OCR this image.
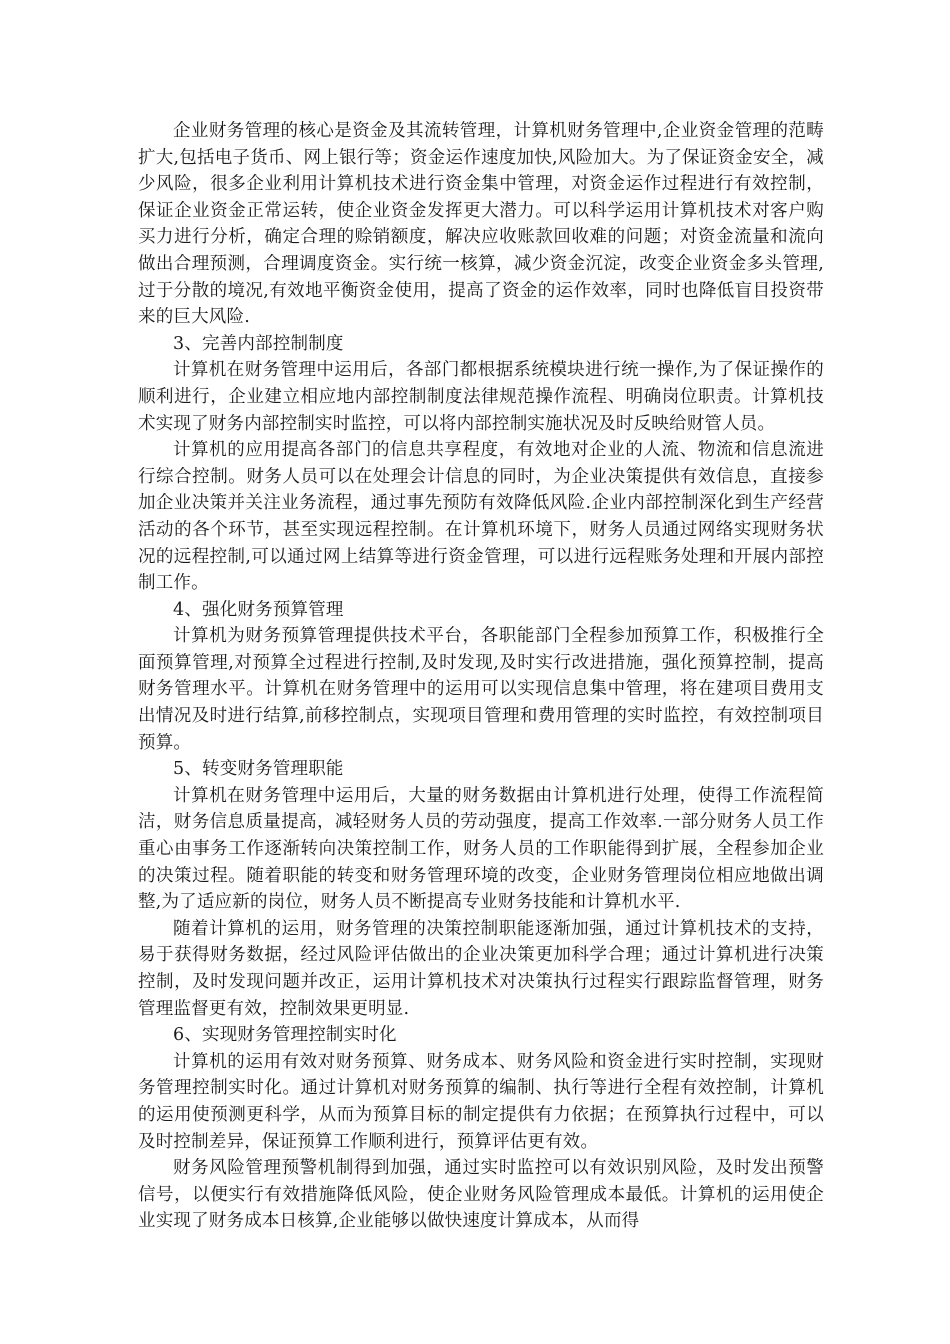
企业财务管理的核心是资金及其流转管理，计算机财务管理中,企业资金管理的范畴扩大,包括电子货币、网上银行等；资金运作速度加快,风险加大。为了保证资金安全，减少风险，很多企业利用计算机技术进行资金集中管理，对资金运作过程进行有效控制，保证企业资金正常运转，使企业资金发挥更大潜力。可以科学运用计算机技术对客户购买力进行分析，确定合理的赊销额度，解决应收账款回收难的问题；对资金流量和流向做出合理预测，合理调度资金。实行统一核算，减少资金沉淀，改变企业资金多头管理,过于分散的境况,有效地平衡资金使用，提高了资金的运作效率，同时也降低盲目投资带来的巨大风险.

3、完善内部控制制度

计算机在财务管理中运用后，各部门都根据系统模块进行统一操作,为了保证操作的顺利进行，企业建立相应地内部控制制度法律规范操作流程、明确岗位职责。计算机技术实现了财务内部控制实时监控，可以将内部控制实施状况及时反映给财管人员。

计算机的应用提高各部门的信息共享程度，有效地对企业的人流、物流和信息流进行综合控制。财务人员可以在处理会计信息的同时，为企业决策提供有效信息，直接参加企业决策并关注业务流程，通过事先预防有效降低风险.企业内部控制深化到生产经营活动的各个环节，甚至实现远程控制。在计算机环境下，财务人员通过网络实现财务状况的远程控制,可以通过网上结算等进行资金管理，可以进行远程账务处理和开展内部控制工作。

4、强化财务预算管理

计算机为财务预算管理提供技术平台，各职能部门全程参加预算工作，积极推行全面预算管理,对预算全过程进行控制,及时发现,及时实行改进措施，强化预算控制，提高财务管理水平。计算机在财务管理中的运用可以实现信息集中管理，将在建项目费用支出情况及时进行结算,前移控制点，实现项目管理和费用管理的实时监控，有效控制项目预算。

5、转变财务管理职能

计算机在财务管理中运用后，大量的财务数据由计算机进行处理，使得工作流程简洁，财务信息质量提高，减轻财务人员的劳动强度，提高工作效率.一部分财务人员工作重心由事务工作逐渐转向决策控制工作，财务人员的工作职能得到扩展，全程参加企业的决策过程。随着职能的转变和财务管理环境的改变，企业财务管理岗位相应地做出调整,为了适应新的岗位，财务人员不断提高专业财务技能和计算机水平.

随着计算机的运用，财务管理的决策控制职能逐渐加强，通过计算机技术的支持，易于获得财务数据，经过风险评估做出的企业决策更加科学合理；通过计算机进行决策控制，及时发现问题并改正，运用计算机技术对决策执行过程实行跟踪监督管理，财务管理监督更有效，控制效果更明显.

6、实现财务管理控制实时化

计算机的运用有效对财务预算、财务成本、财务风险和资金进行实时控制，实现财务管理控制实时化。通过计算机对财务预算的编制、执行等进行全程有效控制，计算机的运用使预测更科学，从而为预算目标的制定提供有力依据；在预算执行过程中，可以及时控制差异，保证预算工作顺利进行，预算评估更有效。

财务风险管理预警机制得到加强，通过实时监控可以有效识别风险，及时发出预警信号，以便实行有效措施降低风险，使企业财务风险管理成本最低。计算机的运用使企业实现了财务成本日核算,企业能够以做快速度计算成本，从而得
